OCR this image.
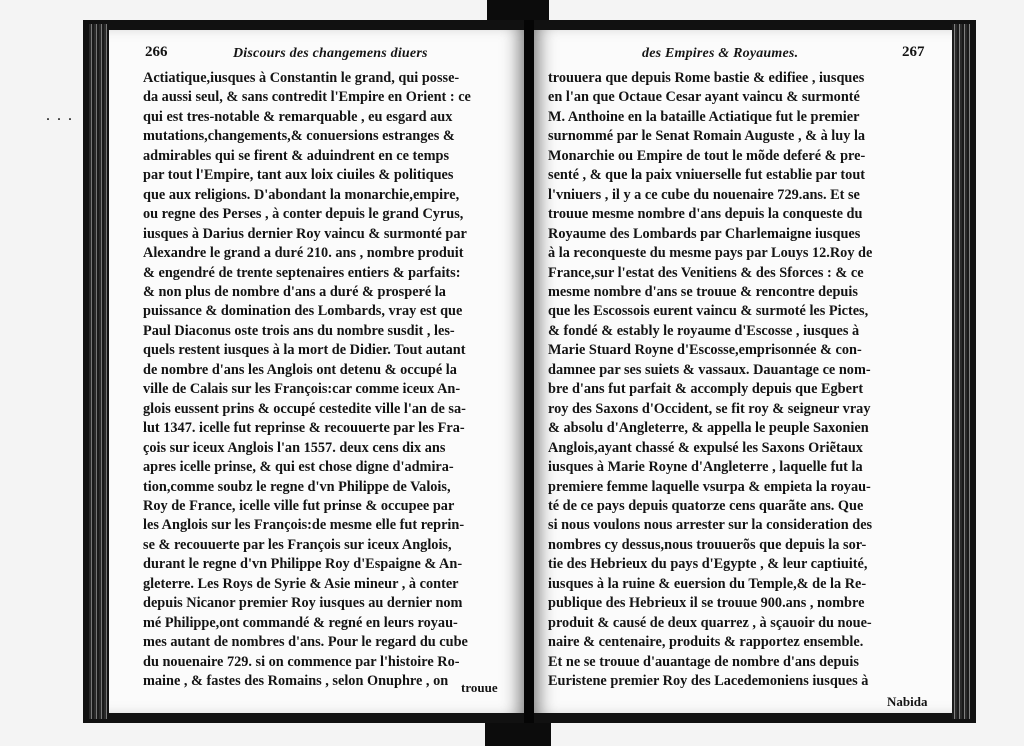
· · ·
266	Discours des changemens diuers
Actiatique,iusques à Constantin le grand, qui posse-
da aussi seul, & sans contredit l'Empire en Orient : ce
qui est tres-notable & remarquable , eu esgard aux
mutations,changements,& conuersions estranges &
admirables qui se firent & aduindrent en ce temps
par tout l'Empire, tant aux loix ciuiles & politiques
que aux religions. D'abondant la monarchie,empire,
ou regne des Perses , à conter depuis le grand Cyrus,
iusques à Darius dernier Roy vaincu & surmonté par
Alexandre le grand a duré 210. ans , nombre produit
& engendré de trente septenaires entiers & parfaits:
& non plus de nombre d'ans a duré & prosperé la
puissance & domination des Lombards, vray est que
Paul Diaconus oste trois ans du nombre susdit , les-
quels restent iusques à la mort de Didier. Tout autant
de nombre d'ans les Anglois ont detenu & occupé la
ville de Calais sur les François:car comme iceux An-
glois eussent prins & occupé cestedite ville l'an de sa-
lut 1347. icelle fut reprinse & recouuerte par les Fra-
çois sur iceux Anglois l'an 1557. deux cens dix ans
apres icelle prinse, & qui est chose digne d'admira-
tion,comme soubz le regne d'vn Philippe de Valois,
Roy de France, icelle ville fut prinse & occupee par
les Anglois sur les François:de mesme elle fut reprin-
se & recouuerte par les François sur iceux Anglois,
durant le regne d'vn Philippe Roy d'Espaigne & An-
gleterre. Les Roys de Syrie & Asie mineur , à conter
depuis Nicanor premier Roy iusques au dernier nom
mé Philippe,ont commandé & regné en leurs royau-
mes autant de nombres d'ans. Pour le regard du cube
du nouenaire 729. si on commence par l'histoire Ro-
maine , & fastes des Romains , selon Onuphre , on trouue
des Empires & Royaumes.	267
trouuera que depuis Rome bastie & edifiee , iusques
en l'an que Octaue Cesar ayant vaincu & surmonté
M. Anthoine en la bataille Actiatique fut le premier
surnommé par le Senat Romain Auguste , & à luy la
Monarchie ou Empire de tout le mõde deferé & pre-
senté , & que la paix vniuerselle fut establie par tout
l'vniuers , il y a ce cube du nouenaire 729.ans. Et se
trouue mesme nombre d'ans depuis la conqueste du
Royaume des Lombards par Charlemaigne iusques
à la reconqueste du mesme pays par Louys 12.Roy de
France,sur l'estat des Venitiens & des Sforces : & ce
mesme nombre d'ans se trouue & rencontre depuis
que les Escossois eurent vaincu & surmoté les Pictes,
& fondé & estably le royaume d'Escosse , iusques à
Marie Stuard Royne d'Escosse,emprisonnée & con-
damnee par ses suiets & vassaux. Dauantage ce nom-
bre d'ans fut parfait & accomply depuis que Egbert
roy des Saxons d'Occident, se fit roy & seigneur vray
& absolu d'Angleterre, & appella le peuple Saxonien
Anglois,ayant chassé & expulsé les Saxons Oriẽtaux
iusques à Marie Royne d'Angleterre , laquelle fut la
premiere femme laquelle vsurpa & empieta la royau-
té de ce pays depuis quatorze cens quarãte ans. Que
si nous voulons nous arrester sur la consideration des
nombres cy dessus,nous trouuerõs que depuis la sor-
tie des Hebrieux du pays d'Egypte , & leur captiuité,
iusques à la ruine & euersion du Temple,& de la Re-
publique des Hebrieux il se trouue 900.ans , nombre
produit & causé de deux quarrez , à sçauoir du noue-
naire & centenaire, produits & rapportez ensemble.
Et ne se trouue d'auantage de nombre d'ans depuis
Euristene premier Roy des Lacedemoniens iusques à
Nabida
